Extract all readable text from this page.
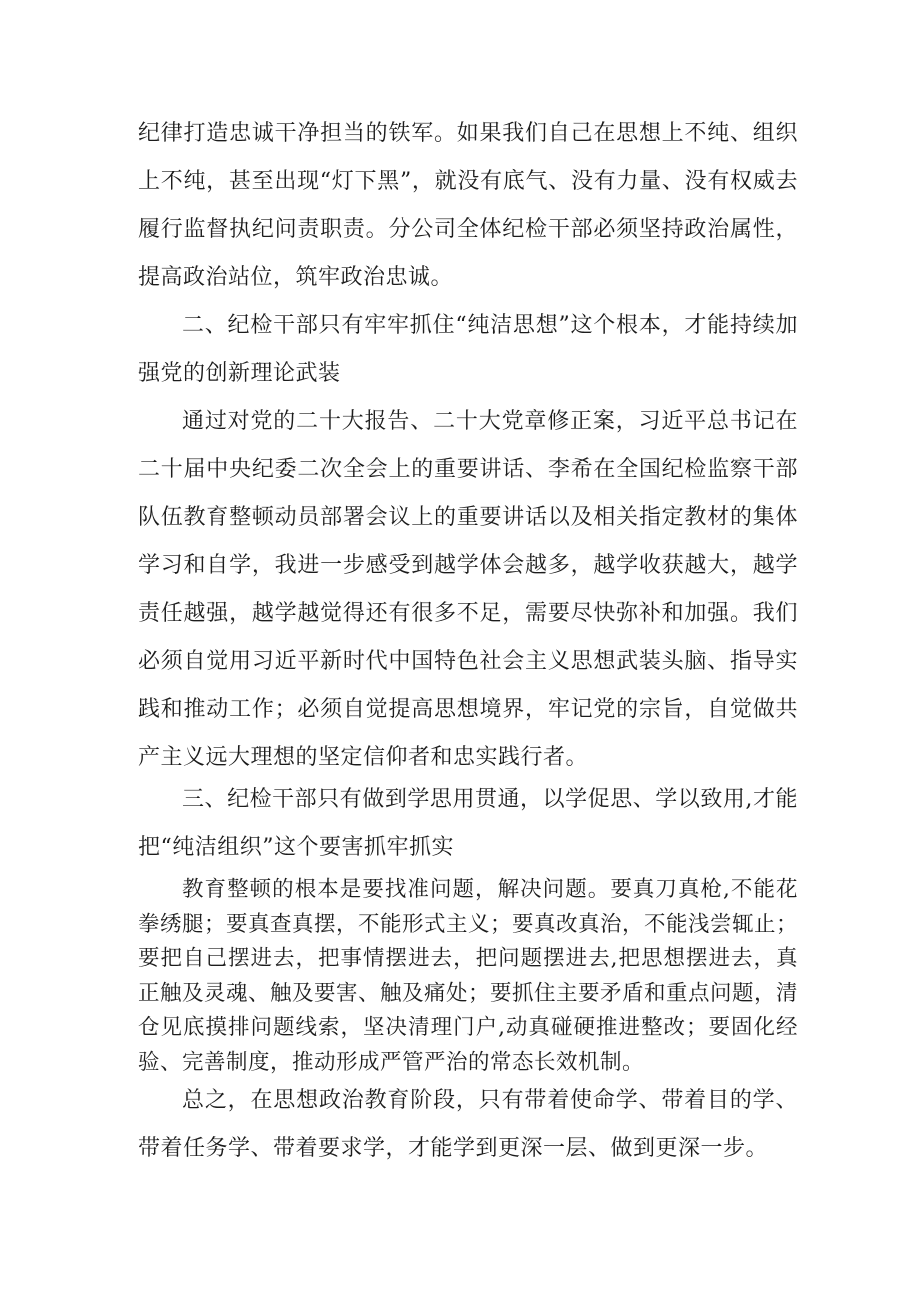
纪律打造忠诚干净担当的铁军。如果我们自己在思想上不纯、组织上不纯，甚至出现“灯下黑”，就没有底气、没有力量、没有权威去履行监督执纪问责职责。分公司全体纪检干部必须坚持政治属性，提高政治站位，筑牢政治忠诚。

二、纪检干部只有牢牢抓住“纯洁思想”这个根本，才能持续加强党的创新理论武装

通过对党的二十大报告、二十大党章修正案，习近平总书记在二十届中央纪委二次全会上的重要讲话、李希在全国纪检监察干部队伍教育整顿动员部署会议上的重要讲话以及相关指定教材的集体学习和自学，我进一步感受到越学体会越多，越学收获越大，越学责任越强，越学越觉得还有很多不足，需要尽快弥补和加强。我们必须自觉用习近平新时代中国特色社会主义思想武装头脑、指导实践和推动工作；必须自觉提高思想境界，牢记党的宗旨，自觉做共产主义远大理想的坚定信仰者和忠实践行者。

三、纪检干部只有做到学思用贯通，以学促思、学以致用,才能把“纯洁组织”这个要害抓牢抓实

教育整顿的根本是要找准问题，解决问题。要真刀真枪,不能花拳绣腿；要真查真摆，不能形式主义；要真改真治，不能浅尝辄止；要把自己摆进去，把事情摆进去，把问题摆进去,把思想摆进去，真正触及灵魂、触及要害、触及痛处；要抓住主要矛盾和重点问题，清仓见底摸排问题线索，坚决清理门户,动真碰硬推进整改；要固化经验、完善制度，推动形成严管严治的常态长效机制。

总之，在思想政治教育阶段，只有带着使命学、带着目的学、带着任务学、带着要求学，才能学到更深一层、做到更深一步。
